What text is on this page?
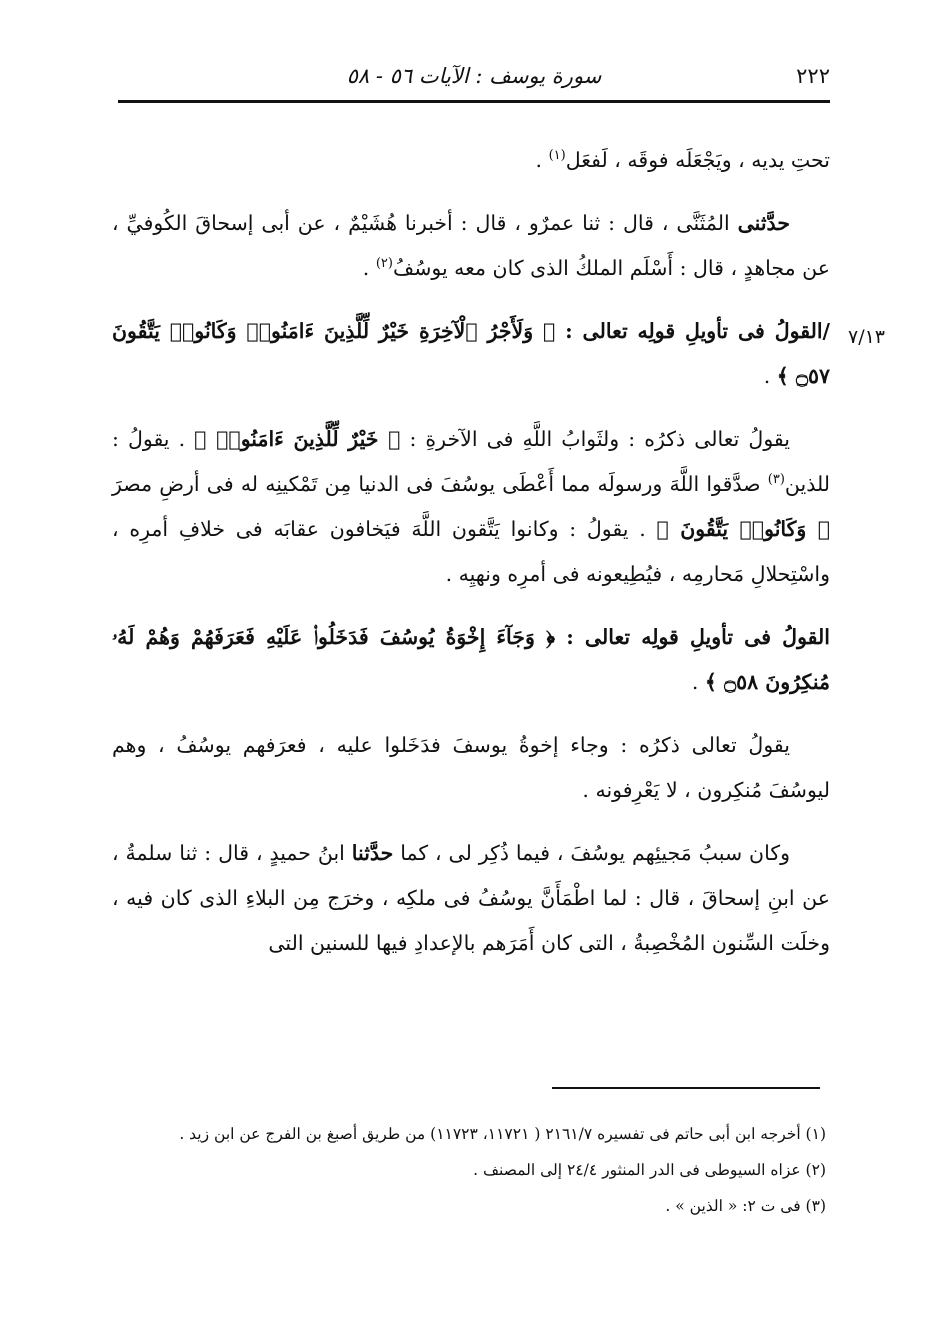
٢٢٢
سورة يوسف : الآيات ٥٦ - ٥٨
٧/١٣

تحتِ يديه ، ويَجْعَلَه فوقَه ، لَفعَل$^{(١)}$ .

حدَّثنى المُثَنَّى ، قال : ثنا عمرٌو ، قال : أخبرنا هُشَيْمٌ ، عن أبى إسحاقَ الكُوفيِّ ، عن مجاهدٍ ، قال : أَسْلَم الملكُ الذى كان معه يوسُفُ$^{(٢)}$ .

/القولُ فى تأويلِ قولِه تعالى : ﴿ وَلَأَجْرُ ٱلْآخِرَةِ خَيْرٌ لِّلَّذِينَ ءَامَنُوا۟ وَكَانُوا۟ يَتَّقُونَ ۝٥٧ ﴾ .

يقولُ تعالى ذكرُه : ولثَوابُ اللَّهِ فى الآخرةِ : ﴿ خَيْرٌ لِّلَّذِينَ ءَامَنُوا۟ ﴾ . يقولُ : للذين$^{(٣)}$ صدَّقوا اللَّهَ ورسولَه مما أَعْطَى يوسُفَ فى الدنيا مِن تَمْكينِه له فى أرضِ مصرَ ﴿ وَكَانُوا۟ يَتَّقُونَ ﴾ . يقولُ : وكانوا يَتَّقون اللَّهَ فيَخافون عقابَه فى خلافِ أمرِه ، واسْتِحلالِ مَحارمِه ، فيُطِيعونه فى أمرِه ونهيِه .

القولُ فى تأويلِ قولِه تعالى : ﴿ وَجَآءَ إِخْوَةُ يُوسُفَ فَدَخَلُوا۟ عَلَيْهِ فَعَرَفَهُمْ وَهُمْ لَهُۥ مُنكِرُونَ ۝٥٨ ﴾ .

يقولُ تعالى ذكرُه : وجاء إخوةُ يوسفَ فدَخَلوا عليه ، فعرَفهم يوسُفُ ، وهم ليوسُفَ مُنكِرون ، لا يَعْرِفونه .

وكان سببُ مَجيئِهم يوسُفَ ، فيما ذُكِر لى ، كما حدَّثنا ابنُ حميدٍ ، قال : ثنا سلمةُ ، عن ابنِ إسحاقَ ، قال : لما اطْمَأَنَّ يوسُفُ فى ملكِه ، وخرَج مِن البلاءِ الذى كان فيه ، وخلَت السِّنون المُخْصِبةُ ، التى كان أَمَرَهم بالإعدادِ فيها للسنين التى

(١) أخرجه ابن أبى حاتم فى تفسيره ٢١٦١/٧ ( ١١٧٢١، ١١٧٢٣) من طريق أصبغ بن الفرج عن ابن زيد .

(٢) عزاه السيوطى فى الدر المنثور ٢٤/٤ إلى المصنف .

(٣) فى ت ٢: « الذين » .
